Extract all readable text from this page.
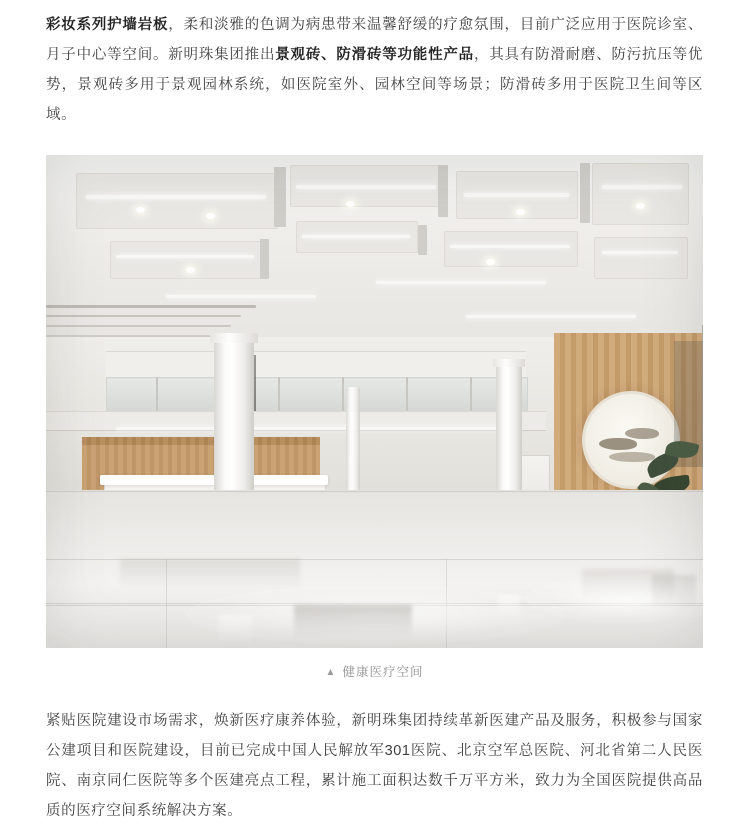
彩妆系列护墙岩板，柔和淡雅的色调为病患带来温馨舒缓的疗愈氛围，目前广泛应用于医院诊室、月子中心等空间。新明珠集团推出景观砖、防滑砖等功能性产品，其具有防滑耐磨、防污抗压等优势，景观砖多用于景观园林系统，如医院室外、园林空间等场景；防滑砖多用于医院卫生间等区域。

▲ 健康医疗空间

紧贴医院建设市场需求，焕新医疗康养体验，新明珠集团持续革新医建产品及服务，积极参与国家公建项目和医院建设，目前已完成中国人民解放军301医院、北京空军总医院、河北省第二人民医院、南京同仁医院等多个医建亮点工程，累计施工面积达数千万平方米，致力为全国医院提供高品质的医疗空间系统解决方案。
